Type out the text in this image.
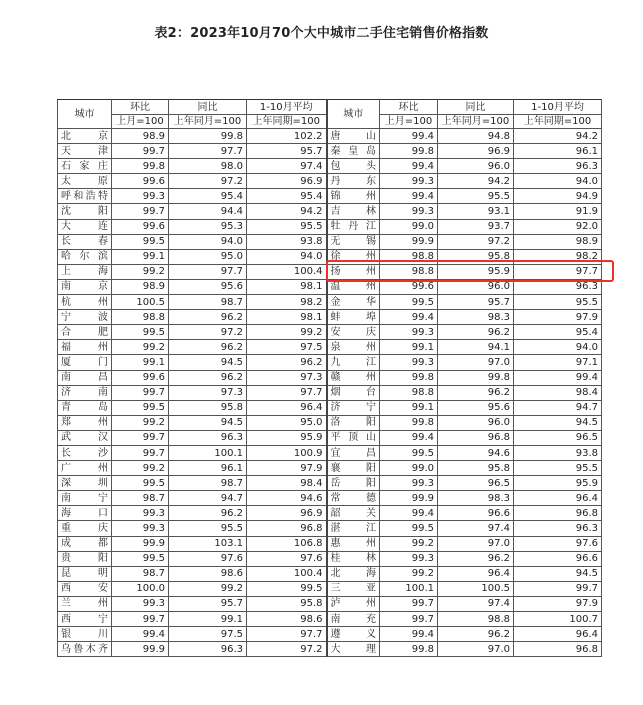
表2：2023年10月70个大中城市二手住宅销售价格指数
城市	环比	同比	1-10月平均	城市	环比	同比	1-10月平均
	上月=100	上年同月=100	上年同期=100		上月=100	上年同月=100	上年同期=100
北 京	98.9	99.8	102.2	唐 山	99.4	94.8	94.2
天 津	99.7	97.7	95.7	秦皇岛	99.8	96.9	96.1
石家庄	99.8	98.0	97.4	包 头	99.4	96.0	96.3
太 原	99.6	97.2	96.9	丹 东	99.3	94.2	94.0
呼和浩特	99.3	95.4	95.4	锦 州	99.4	95.5	94.9
沈 阳	99.7	94.4	94.2	吉 林	99.3	93.1	91.9
大 连	99.6	95.3	95.5	牡丹江	99.0	93.7	92.0
长 春	99.5	94.0	93.8	无 锡	99.9	97.2	98.9
哈尔滨	99.1	95.0	94.0	徐 州	98.8	95.8	98.2
上 海	99.2	97.7	100.4	扬 州	98.8	95.9	97.7
南 京	98.9	95.6	98.1	温 州	99.6	96.0	96.3
杭 州	100.5	98.7	98.2	金 华	99.5	95.7	95.5
宁 波	98.8	96.2	98.1	蚌 埠	99.4	98.3	97.9
合 肥	99.5	97.2	99.2	安 庆	99.3	96.2	95.4
福 州	99.2	96.2	97.5	泉 州	99.1	94.1	94.0
厦 门	99.1	94.5	96.2	九 江	99.3	97.0	97.1
南 昌	99.6	96.2	97.3	赣 州	99.8	99.8	99.4
济 南	99.7	97.3	97.7	烟 台	98.8	96.2	98.4
青 岛	99.5	95.8	96.4	济 宁	99.1	95.6	94.7
郑 州	99.2	94.5	95.0	洛 阳	99.8	96.0	94.5
武 汉	99.7	96.3	95.9	平顶山	99.4	96.8	96.5
长 沙	99.7	100.1	100.9	宜 昌	99.5	94.6	93.8
广 州	99.2	96.1	97.9	襄 阳	99.0	95.8	95.5
深 圳	99.5	98.7	98.4	岳 阳	99.3	96.5	95.9
南 宁	98.7	94.7	94.6	常 德	99.9	98.3	96.4
海 口	99.3	96.2	96.9	韶 关	99.4	96.6	96.8
重 庆	99.3	95.5	96.8	湛 江	99.5	97.4	96.3
成 都	99.9	103.1	106.8	惠 州	99.2	97.0	97.6
贵 阳	99.5	97.6	97.6	桂 林	99.3	96.2	96.6
昆 明	98.7	98.6	100.4	北 海	99.2	96.4	94.5
西 安	100.0	99.2	99.5	三 亚	100.1	100.5	99.7
兰 州	99.3	95.7	95.8	泸 州	99.7	97.4	97.9
西 宁	99.7	99.1	98.6	南 充	99.7	98.8	100.7
银 川	99.4	97.5	97.7	遵 义	99.4	96.2	96.4
乌鲁木齐	99.9	96.3	97.2	大 理	99.8	97.0	96.8
